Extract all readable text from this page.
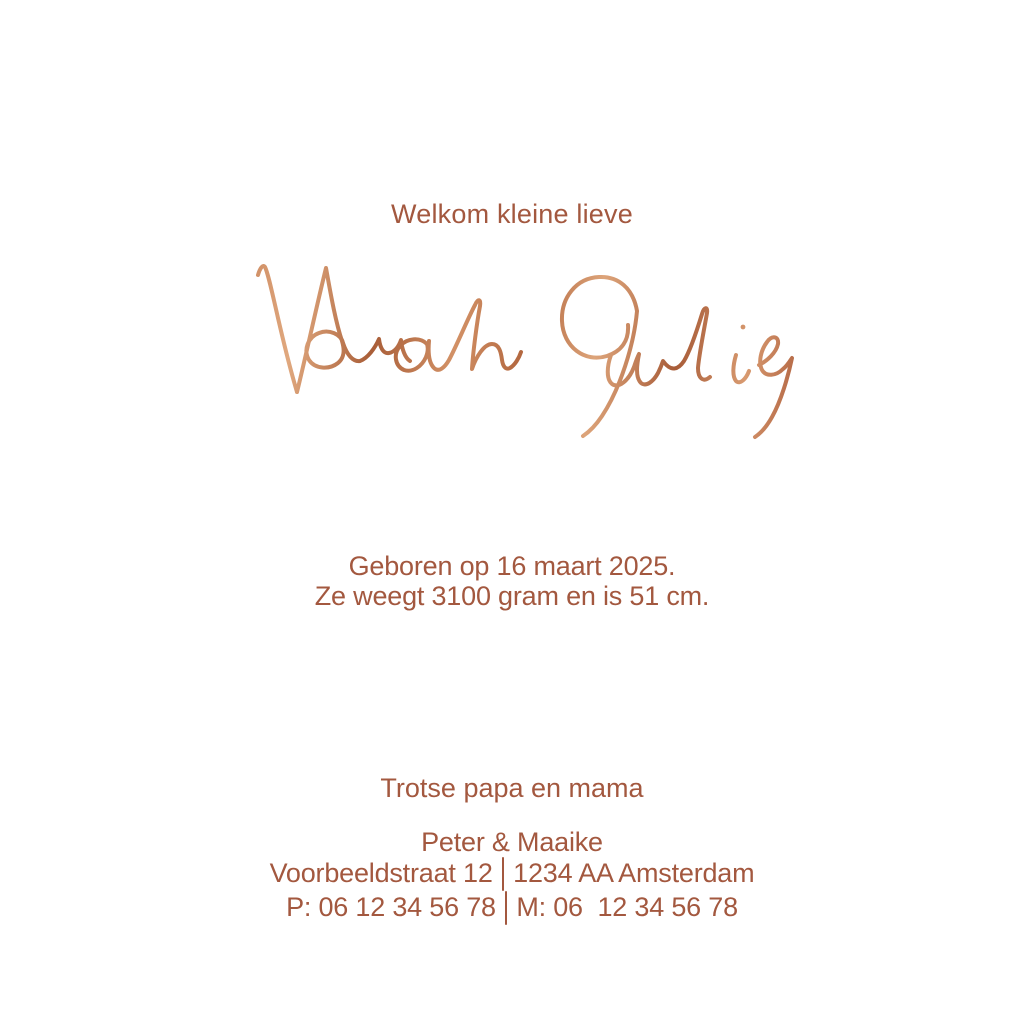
Welkom kleine lieve
Geboren op 16 maart 2025.
Ze weegt 3100 gram en is 51 cm.
Trotse papa en mama
Peter & Maaike
Voorbeeldstraat 12 1234 AA Amsterdam
P: 06 12 34 56 78 M: 06  12 34 56 78
